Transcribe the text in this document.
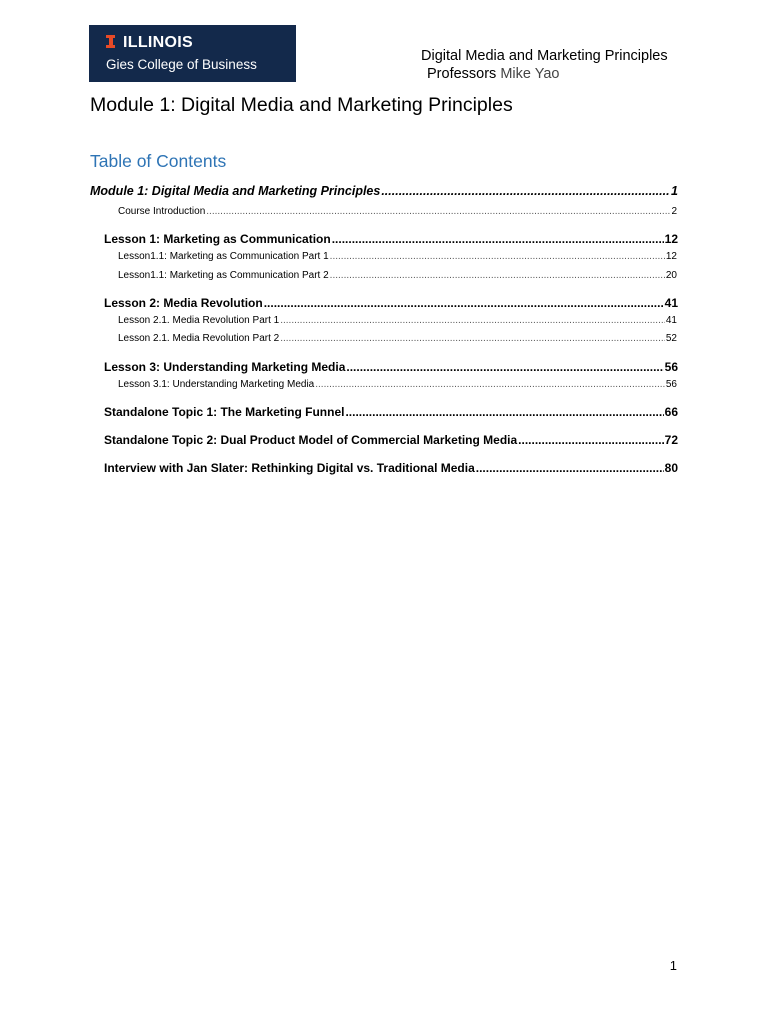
ILLINOIS
Gies College of Business
Digital Media and Marketing Principles
Professors Mike Yao
Module 1: Digital Media and Marketing Principles
Table of Contents
Module 1: Digital Media and Marketing Principles .....	1
Course Introduction .....	2
Lesson 1: Marketing as Communication .....	12
Lesson1.1: Marketing as Communication Part 1 .....	12
Lesson1.1: Marketing as Communication Part 2 .....	20
Lesson 2: Media Revolution .....	41
Lesson 2.1. Media Revolution Part 1 .....	41
Lesson 2.1. Media Revolution Part 2 .....	52
Lesson 3: Understanding Marketing Media .....	56
Lesson 3.1: Understanding Marketing Media .....	56
Standalone Topic 1: The Marketing Funnel .....	66
Standalone Topic 2: Dual Product Model of Commercial Marketing Media .....	72
Interview with Jan Slater: Rethinking Digital vs. Traditional Media .....	80
1
